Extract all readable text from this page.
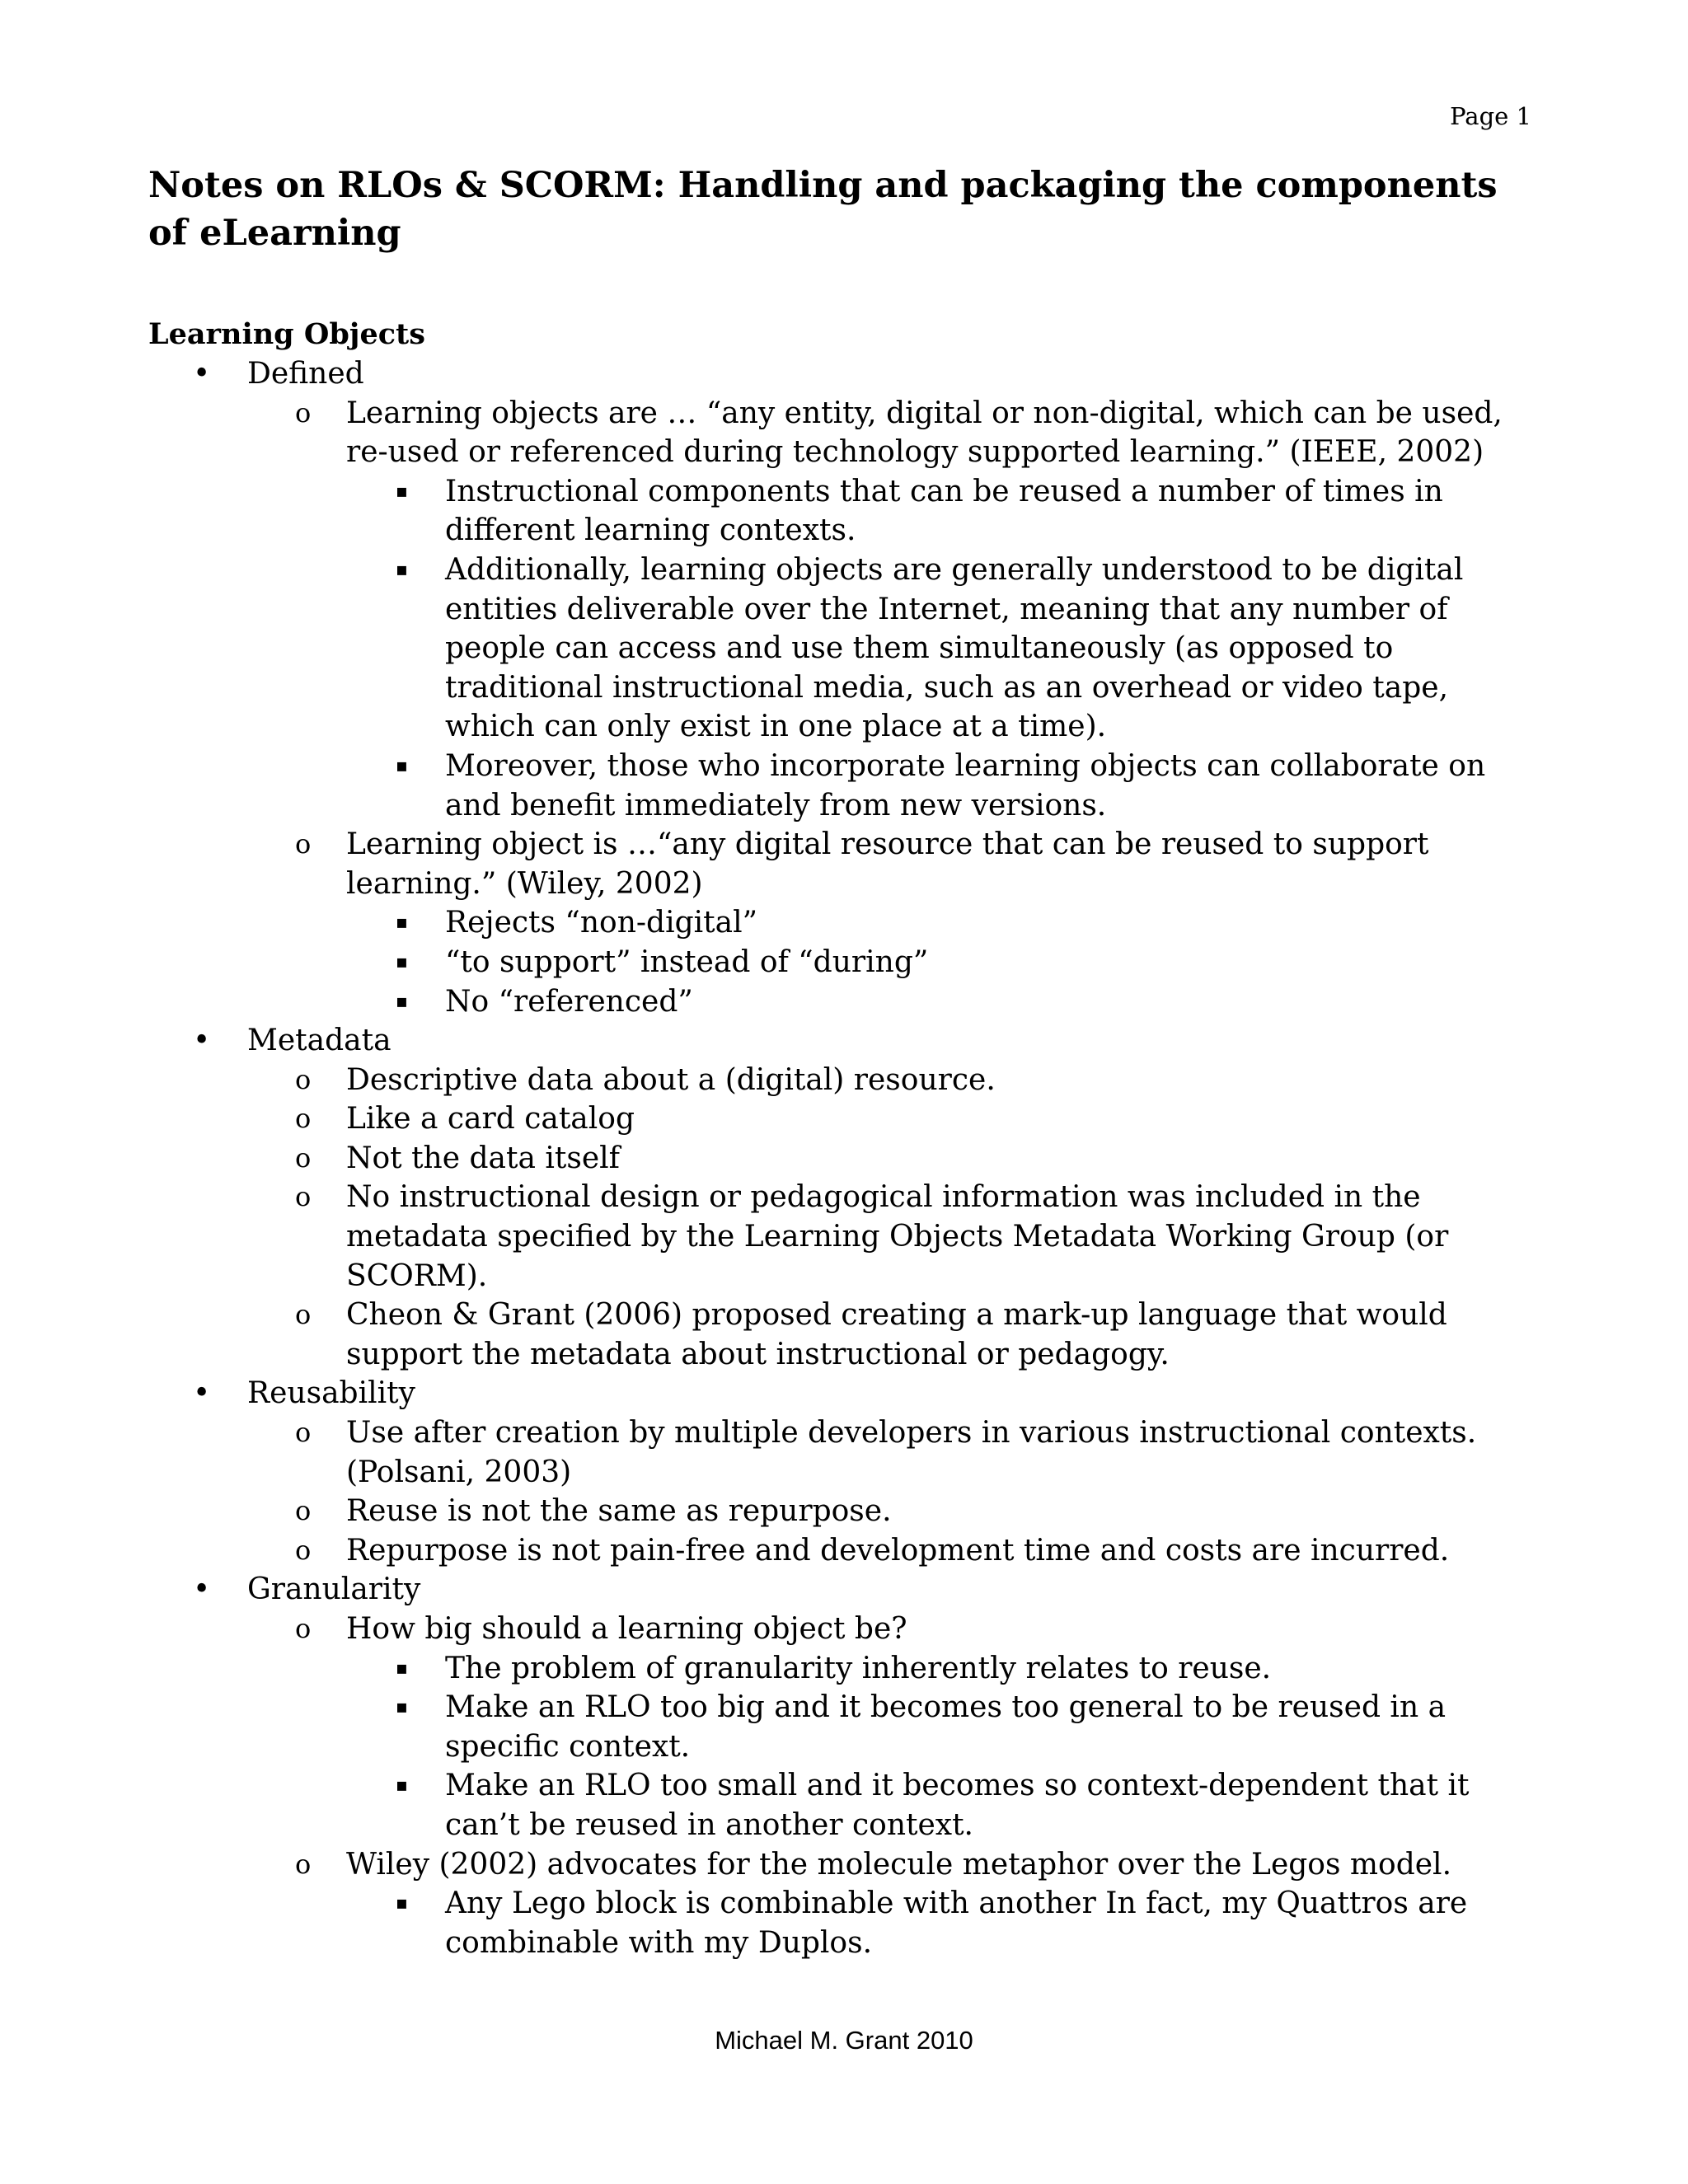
Page 1
Notes on RLOs & SCORM: Handling and packaging the components of eLearning
Learning Objects
• Defined
o Learning objects are … “any entity, digital or non-digital, which can be used, re-used or referenced during technology supported learning.” (IEEE, 2002)
▪ Instructional components that can be reused a number of times in different learning contexts.
▪ Additionally, learning objects are generally understood to be digital entities deliverable over the Internet, meaning that any number of people can access and use them simultaneously (as opposed to traditional instructional media, such as an overhead or video tape, which can only exist in one place at a time).
▪ Moreover, those who incorporate learning objects can collaborate on and benefit immediately from new versions.
o Learning object is …“any digital resource that can be reused to support learning.” (Wiley, 2002)
▪ Rejects “non-digital”
▪ “to support” instead of “during”
▪ No “referenced”
• Metadata
o Descriptive data about a (digital) resource.
o Like a card catalog
o Not the data itself
o No instructional design or pedagogical information was included in the metadata specified by the Learning Objects Metadata Working Group (or SCORM).
o Cheon & Grant (2006) proposed creating a mark-up language that would support the metadata about instructional or pedagogy.
• Reusability
o Use after creation by multiple developers in various instructional contexts. (Polsani, 2003)
o Reuse is not the same as repurpose.
o Repurpose is not pain-free and development time and costs are incurred.
• Granularity
o How big should a learning object be?
▪ The problem of granularity inherently relates to reuse.
▪ Make an RLO too big and it becomes too general to be reused in a specific context.
▪ Make an RLO too small and it becomes so context-dependent that it can’t be reused in another context.
o Wiley (2002) advocates for the molecule metaphor over the Legos model.
▪ Any Lego block is combinable with another In fact, my Quattros are combinable with my Duplos.
Michael M. Grant 2010
